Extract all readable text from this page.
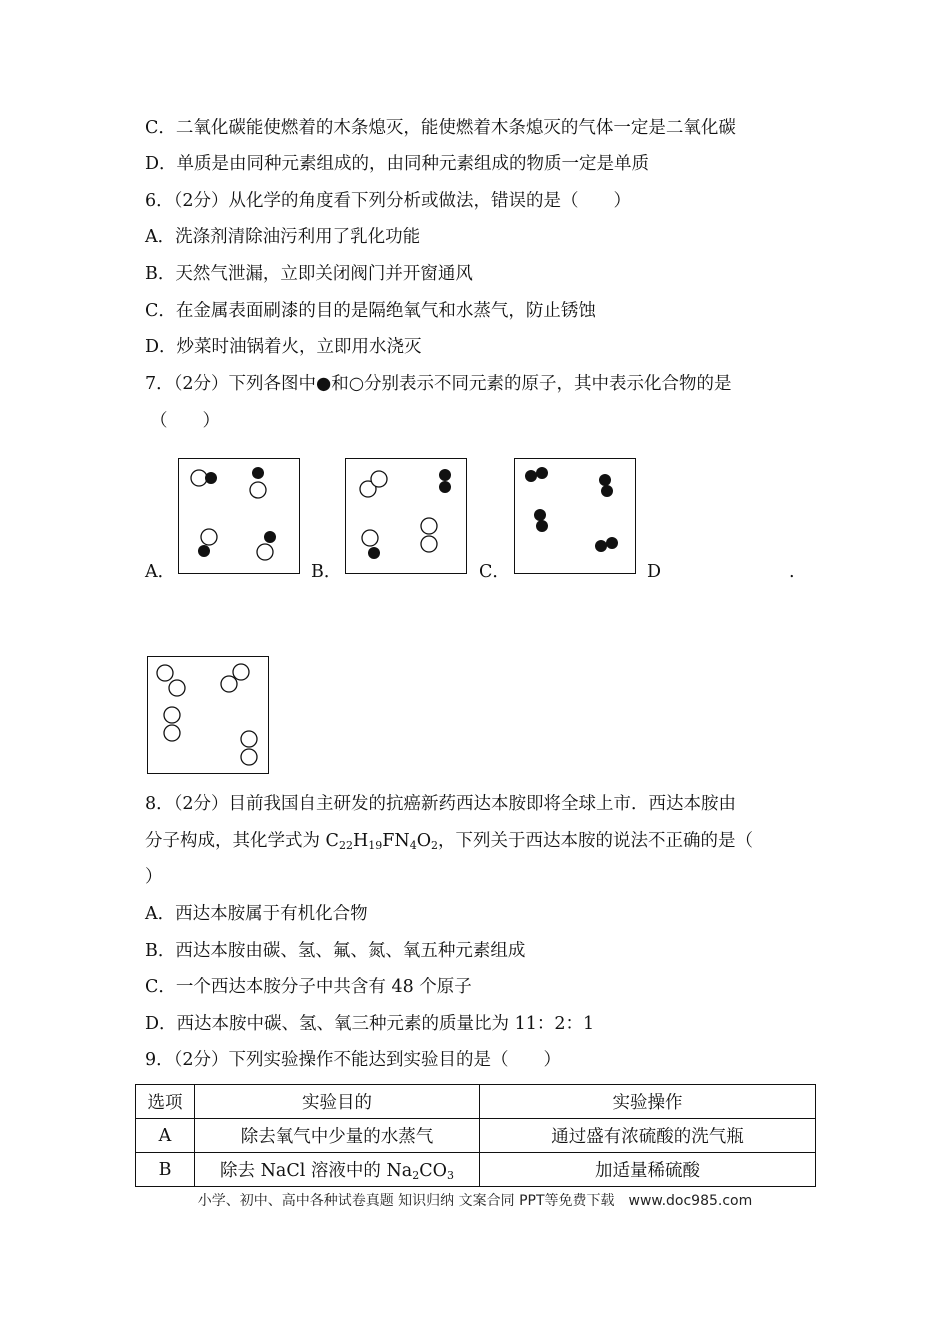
C．二氧化碳能使燃着的木条熄灭，能使燃着木条熄灭的气体一定是二氧化碳
D．单质是由同种元素组成的，由同种元素组成的物质一定是单质
6．（2分）从化学的角度看下列分析或做法，错误的是（　　）
A．洗涤剂清除油污利用了乳化功能
B．天然气泄漏，立即关闭阀门并开窗通风
C．在金属表面刷漆的目的是隔绝氧气和水蒸气，防止锈蚀
D．炒菜时油锅着火，立即用水浇灭
7．（2分）下列各图中●和○分别表示不同元素的原子，其中表示化合物的是
（　　）
A．	B．	C．	D	.
8．（2分）目前我国自主研发的抗癌新药西达本胺即将全球上市．西达本胺由
分子构成，其化学式为 $C_{22}H_{19}FN_4O_2$，下列关于西达本胺的说法不正确的是（
）
A．西达本胺属于有机化合物
B．西达本胺由碳、氢、氟、氮、氧五种元素组成
C．一个西达本胺分子中共含有 48 个原子
D．西达本胺中碳、氢、氧三种元素的质量比为 11：2：1
9．（2分）下列实验操作不能达到实验目的是（　　）
选项	实验目的	实验操作
A	除去氧气中少量的水蒸气	通过盛有浓硫酸的洗气瓶
B	除去 NaCl 溶液中的 $Na_2CO_3$	加适量稀硫酸
小学、初中、高中各种试卷真题 知识归纳 文案合同 PPT等免费下载　www.doc985.com
